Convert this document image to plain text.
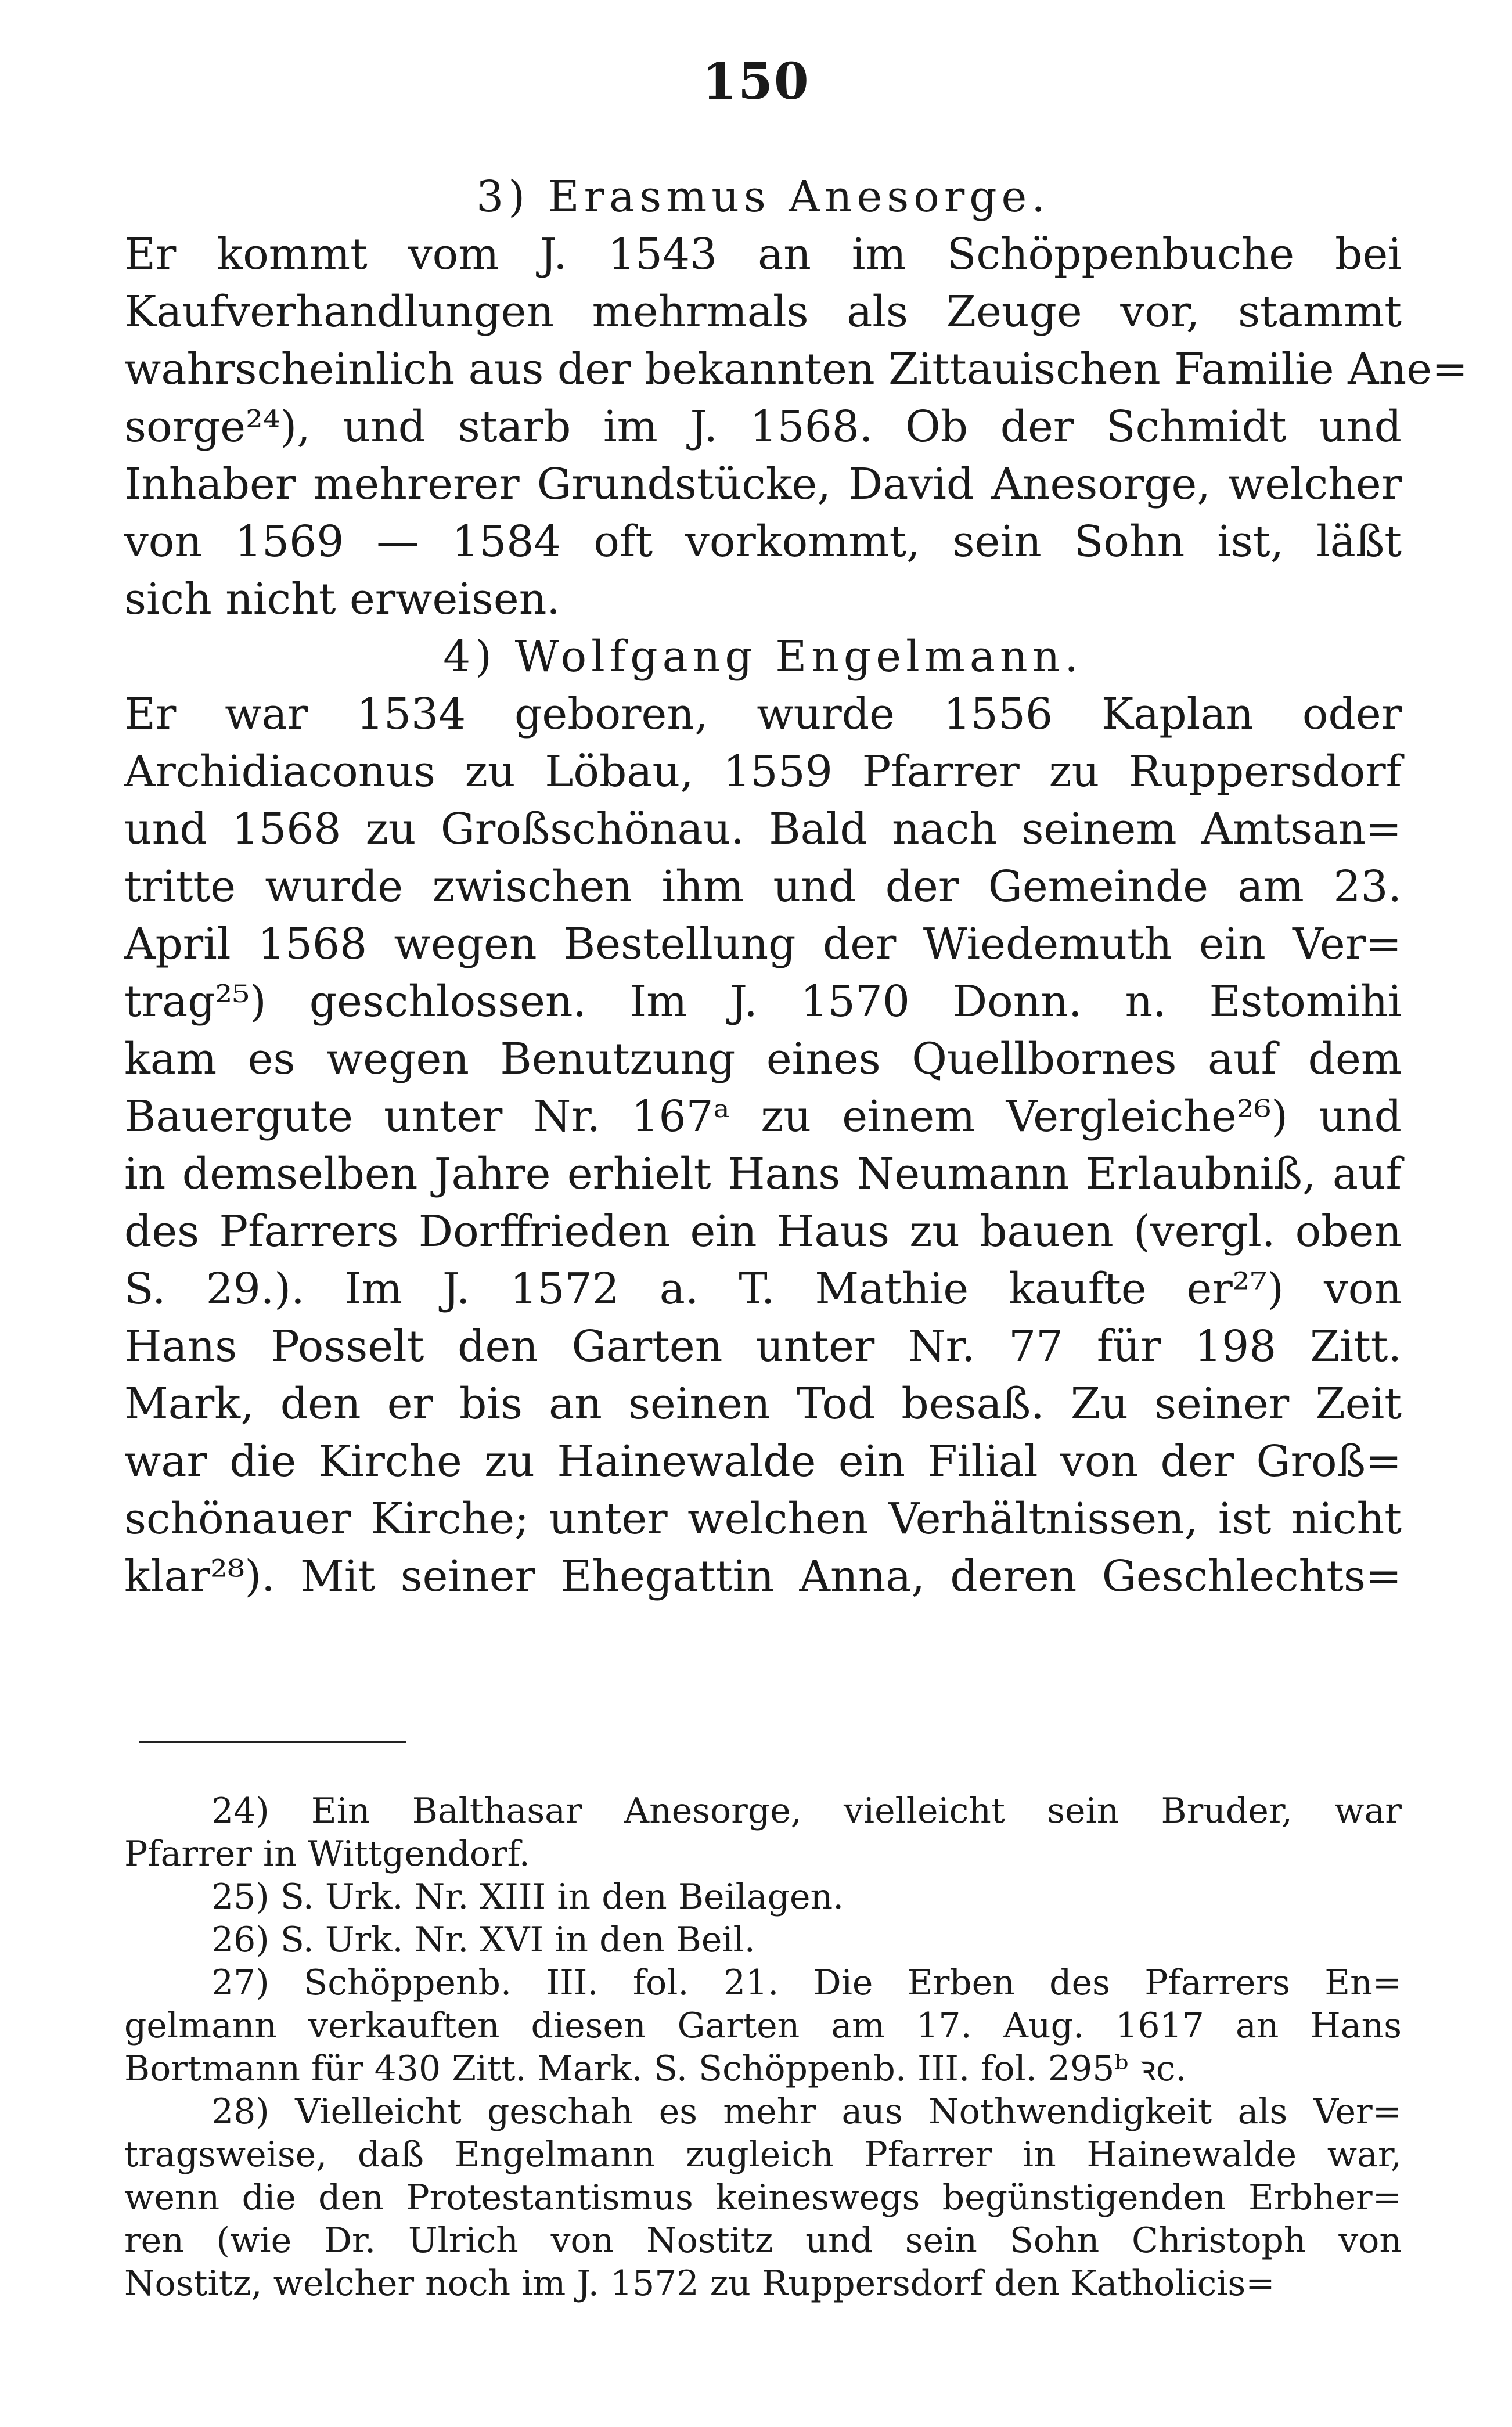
150
3) Erasmus Anesorge.
Er kommt vom J. 1543 an im Schöppenbuche bei
Kaufverhandlungen mehrmals als Zeuge vor, stammt
wahrscheinlich aus der bekannten Zittauischen Familie Ane=
sorge²⁴), und starb im J. 1568. Ob der Schmidt und
Inhaber mehrerer Grundstücke, David Anesorge, welcher
von 1569 — 1584 oft vorkommt, sein Sohn ist, läßt
sich nicht erweisen.
4) Wolfgang Engelmann.
Er war 1534 geboren, wurde 1556 Kaplan oder
Archidiaconus zu Löbau, 1559 Pfarrer zu Ruppersdorf
und 1568 zu Großschönau. Bald nach seinem Amtsan=
tritte wurde zwischen ihm und der Gemeinde am 23.
April 1568 wegen Bestellung der Wiedemuth ein Ver=
trag²⁵) geschlossen. Im J. 1570 Donn. n. Estomihi
kam es wegen Benutzung eines Quellbornes auf dem
Bauergute unter Nr. 167ᵃ zu einem Vergleiche²⁶) und
in demselben Jahre erhielt Hans Neumann Erlaubniß, auf
des Pfarrers Dorffrieden ein Haus zu bauen (vergl. oben
S. 29.). Im J. 1572 a. T. Mathie kaufte er²⁷) von
Hans Posselt den Garten unter Nr. 77 für 198 Zitt.
Mark, den er bis an seinen Tod besaß. Zu seiner Zeit
war die Kirche zu Hainewalde ein Filial von der Groß=
schönauer Kirche; unter welchen Verhältnissen, ist nicht
klar²⁸). Mit seiner Ehegattin Anna, deren Geschlechts=
24) Ein Balthasar Anesorge, vielleicht sein Bruder, war
Pfarrer in Wittgendorf.
25) S. Urk. Nr. XIII in den Beilagen.
26) S. Urk. Nr. XVI in den Beil.
27) Schöppenb. III. fol. 21. Die Erben des Pfarrers En=
gelmann verkauften diesen Garten am 17. Aug. 1617 an Hans
Bortmann für 430 Zitt. Mark. S. Schöppenb. III. fol. 295ᵇ ꝛc.
28) Vielleicht geschah es mehr aus Nothwendigkeit als Ver=
tragsweise, daß Engelmann zugleich Pfarrer in Hainewalde war,
wenn die den Protestantismus keineswegs begünstigenden Erbher=
ren (wie Dr. Ulrich von Nostitz und sein Sohn Christoph von
Nostitz, welcher noch im J. 1572 zu Ruppersdorf den Katholicis=
